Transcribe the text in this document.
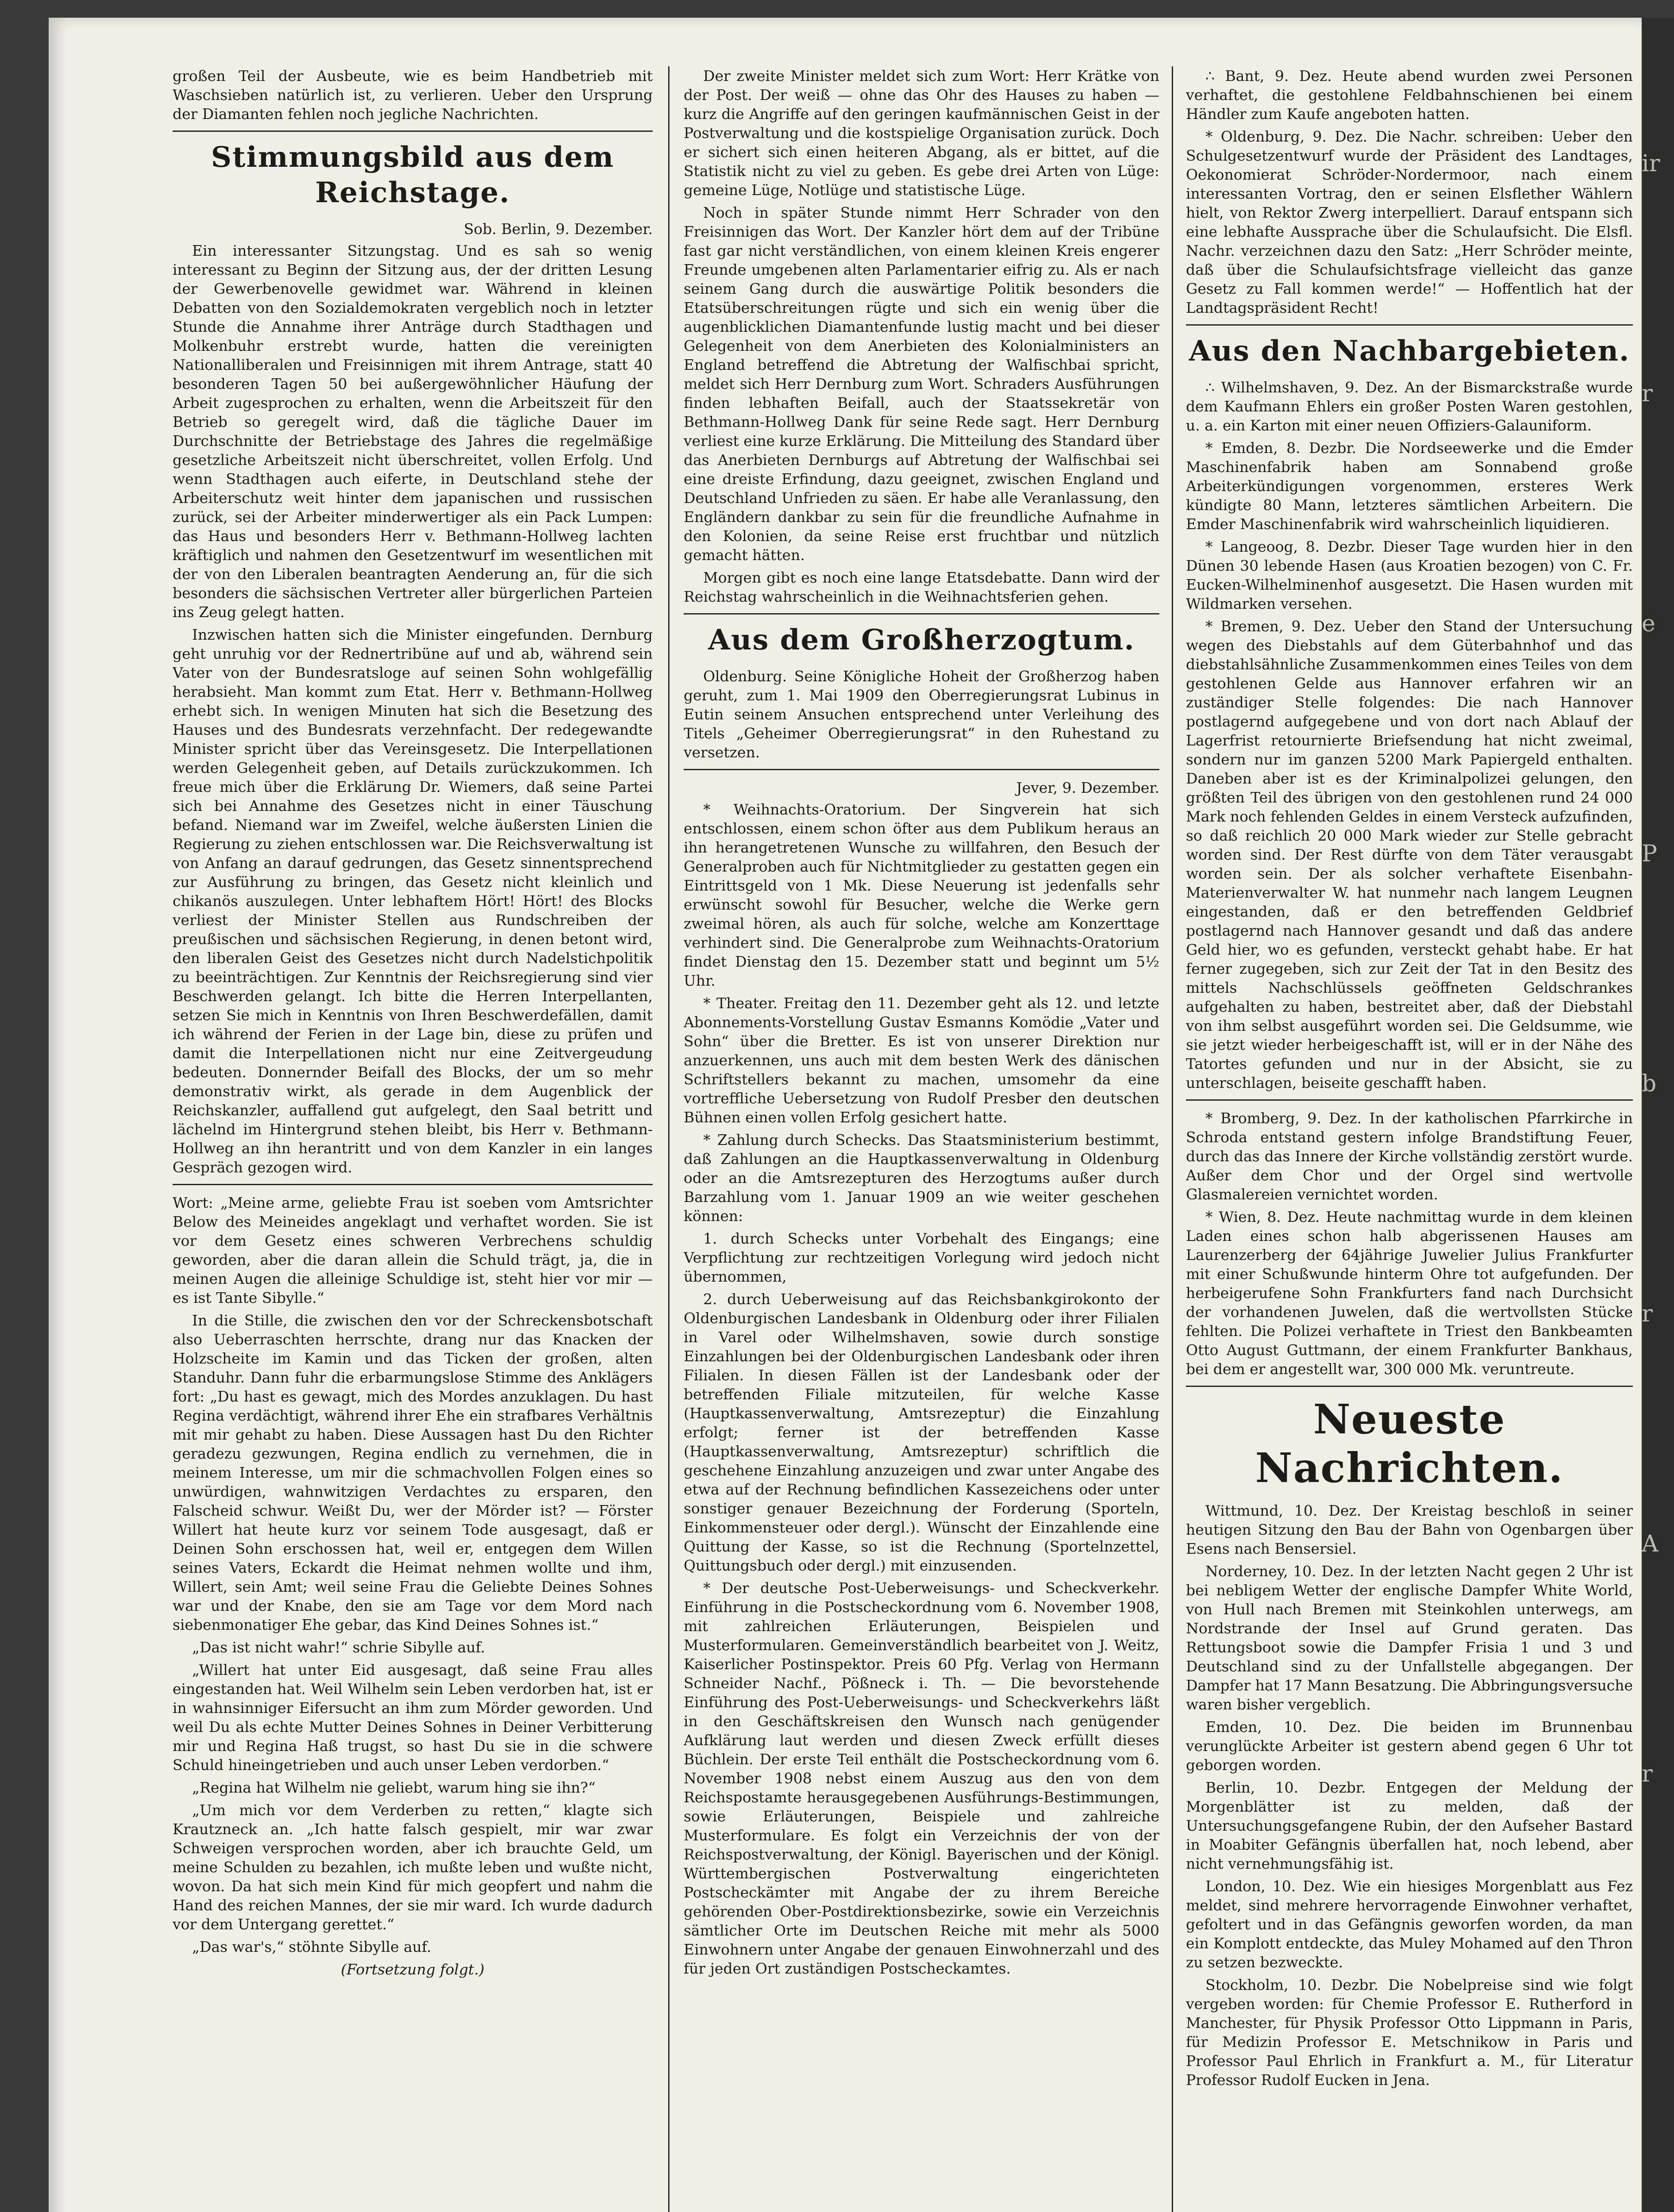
ir
r
e
P
b
r
A
r

großen Teil der Ausbeute, wie es beim Handbetrieb mit Waschsieben natürlich ist, zu verlieren. Ueber den Ursprung der Diamanten fehlen noch jegliche Nachrichten.

Stimmungsbild aus dem Reichstage.
Sob. Berlin, 9. Dezember.

Ein interessanter Sitzungstag. Und es sah so wenig interessant zu Beginn der Sitzung aus, der der dritten Lesung der Gewerbenovelle gewidmet war. Während in kleinen Debatten von den Sozialdemokraten vergeblich noch in letzter Stunde die Annahme ihrer Anträge durch Stadthagen und Molkenbuhr erstrebt wurde, hatten die vereinigten Nationalliberalen und Freisinnigen mit ihrem Antrage, statt 40 besonderen Tagen 50 bei außergewöhnlicher Häufung der Arbeit zugesprochen zu erhalten, wenn die Arbeitszeit für den Betrieb so geregelt wird, daß die tägliche Dauer im Durchschnitte der Betriebstage des Jahres die regelmäßige gesetzliche Arbeitszeit nicht überschreitet, vollen Erfolg. Und wenn Stadthagen auch eiferte, in Deutschland stehe der Arbeiterschutz weit hinter dem japanischen und russischen zurück, sei der Arbeiter minderwertiger als ein Pack Lumpen: das Haus und besonders Herr v. Bethmann-Hollweg lachten kräftiglich und nahmen den Gesetzentwurf im wesentlichen mit der von den Liberalen beantragten Aenderung an, für die sich besonders die sächsischen Vertreter aller bürgerlichen Parteien ins Zeug gelegt hatten.

Inzwischen hatten sich die Minister eingefunden. Dernburg geht unruhig vor der Rednertribüne auf und ab, während sein Vater von der Bundesratsloge auf seinen Sohn wohlgefällig herabsieht. Man kommt zum Etat. Herr v. Bethmann-Hollweg erhebt sich. In wenigen Minuten hat sich die Besetzung des Hauses und des Bundesrats verzehnfacht. Der redegewandte Minister spricht über das Vereinsgesetz. Die Interpellationen werden Gelegenheit geben, auf Details zurückzukommen. Ich freue mich über die Erklärung Dr. Wiemers, daß seine Partei sich bei Annahme des Gesetzes nicht in einer Täuschung befand. Niemand war im Zweifel, welche äußersten Linien die Regierung zu ziehen entschlossen war. Die Reichsverwaltung ist von Anfang an darauf gedrungen, das Gesetz sinnentsprechend zur Ausführung zu bringen, das Gesetz nicht kleinlich und chikanös auszulegen. Unter lebhaftem Hört! Hört! des Blocks verliest der Minister Stellen aus Rundschreiben der preußischen und sächsischen Regierung, in denen betont wird, den liberalen Geist des Gesetzes nicht durch Nadelstichpolitik zu beeinträchtigen. Zur Kenntnis der Reichsregierung sind vier Beschwerden gelangt. Ich bitte die Herren Interpellanten, setzen Sie mich in Kenntnis von Ihren Beschwerdefällen, damit ich während der Ferien in der Lage bin, diese zu prüfen und damit die Interpellationen nicht nur eine Zeitvergeudung bedeuten. Donnernder Beifall des Blocks, der um so mehr demonstrativ wirkt, als gerade in dem Augenblick der Reichskanzler, auffallend gut aufgelegt, den Saal betritt und lächelnd im Hintergrund stehen bleibt, bis Herr v. Bethmann-Hollweg an ihn herantritt und von dem Kanzler in ein langes Gespräch gezogen wird.

Wort: „Meine arme, geliebte Frau ist soeben vom Amtsrichter Below des Meineides angeklagt und verhaftet worden. Sie ist vor dem Gesetz eines schweren Verbrechens schuldig geworden, aber die daran allein die Schuld trägt, ja, die in meinen Augen die alleinige Schuldige ist, steht hier vor mir — es ist Tante Sibylle.“

In die Stille, die zwischen den vor der Schreckensbotschaft also Ueberraschten herrschte, drang nur das Knacken der Holzscheite im Kamin und das Ticken der großen, alten Standuhr. Dann fuhr die erbarmungslose Stimme des Anklägers fort: „Du hast es gewagt, mich des Mordes anzuklagen. Du hast Regina verdächtigt, während ihrer Ehe ein strafbares Verhältnis mit mir gehabt zu haben. Diese Aussagen hast Du den Richter geradezu gezwungen, Regina endlich zu vernehmen, die in meinem Interesse, um mir die schmachvollen Folgen eines so unwürdigen, wahnwitzigen Verdachtes zu ersparen, den Falscheid schwur. Weißt Du, wer der Mörder ist? — Förster Willert hat heute kurz vor seinem Tode ausgesagt, daß er Deinen Sohn erschossen hat, weil er, entgegen dem Willen seines Vaters, Eckardt die Heimat nehmen wollte und ihm, Willert, sein Amt; weil seine Frau die Geliebte Deines Sohnes war und der Knabe, den sie am Tage vor dem Mord nach siebenmonatiger Ehe gebar, das Kind Deines Sohnes ist.“

„Das ist nicht wahr!“ schrie Sibylle auf.

„Willert hat unter Eid ausgesagt, daß seine Frau alles eingestanden hat. Weil Wilhelm sein Leben verdorben hat, ist er in wahnsinniger Eifersucht an ihm zum Mörder geworden. Und weil Du als echte Mutter Deines Sohnes in Deiner Verbitterung mir und Regina Haß trugst, so hast Du sie in die schwere Schuld hineingetrieben und auch unser Leben verdorben.“

„Regina hat Wilhelm nie geliebt, warum hing sie ihn?“

„Um mich vor dem Verderben zu retten,“ klagte sich Krautzneck an. „Ich hatte falsch gespielt, mir war zwar Schweigen versprochen worden, aber ich brauchte Geld, um meine Schulden zu bezahlen, ich mußte leben und wußte nicht, wovon. Da hat sich mein Kind für mich geopfert und nahm die Hand des reichen Mannes, der sie mir ward. Ich wurde dadurch vor dem Untergang gerettet.“

„Das war's,“ stöhnte Sibylle auf.

(Fortsetzung folgt.)

Der zweite Minister meldet sich zum Wort: Herr Krätke von der Post. Der weiß — ohne das Ohr des Hauses zu haben — kurz die Angriffe auf den geringen kaufmännischen Geist in der Postverwaltung und die kostspielige Organisation zurück. Doch er sichert sich einen heiteren Abgang, als er bittet, auf die Statistik nicht zu viel zu geben. Es gebe drei Arten von Lüge: gemeine Lüge, Notlüge und statistische Lüge.

Noch in später Stunde nimmt Herr Schrader von den Freisinnigen das Wort. Der Kanzler hört dem auf der Tribüne fast gar nicht verständlichen, von einem kleinen Kreis engerer Freunde umgebenen alten Parlamentarier eifrig zu. Als er nach seinem Gang durch die auswärtige Politik besonders die Etatsüberschreitungen rügte und sich ein wenig über die augenblicklichen Diamantenfunde lustig macht und bei dieser Gelegenheit von dem Anerbieten des Kolonialministers an England betreffend die Abtretung der Walfischbai spricht, meldet sich Herr Dernburg zum Wort. Schraders Ausführungen finden lebhaften Beifall, auch der Staatssekretär von Bethmann-Hollweg Dank für seine Rede sagt. Herr Dernburg verliest eine kurze Erklärung. Die Mitteilung des Standard über das Anerbieten Dernburgs auf Abtretung der Walfischbai sei eine dreiste Erfindung, dazu geeignet, zwischen England und Deutschland Unfrieden zu säen. Er habe alle Veranlassung, den Engländern dankbar zu sein für die freundliche Aufnahme in den Kolonien, da seine Reise erst fruchtbar und nützlich gemacht hätten.

Morgen gibt es noch eine lange Etatsdebatte. Dann wird der Reichstag wahrscheinlich in die Weihnachtsferien gehen.

Aus dem Großherzogtum.

Oldenburg. Seine Königliche Hoheit der Großherzog haben geruht, zum 1. Mai 1909 den Oberregierungsrat Lubinus in Eutin seinem Ansuchen entsprechend unter Verleihung des Titels „Geheimer Oberregierungsrat“ in den Ruhestand zu versetzen.

Jever, 9. Dezember.

* Weihnachts-Oratorium. Der Singverein hat sich entschlossen, einem schon öfter aus dem Publikum heraus an ihn herangetretenen Wunsche zu willfahren, den Besuch der Generalproben auch für Nichtmitglieder zu gestatten gegen ein Eintrittsgeld von 1 Mk. Diese Neuerung ist jedenfalls sehr erwünscht sowohl für Besucher, welche die Werke gern zweimal hören, als auch für solche, welche am Konzerttage verhindert sind. Die Generalprobe zum Weihnachts-Oratorium findet Dienstag den 15. Dezember statt und beginnt um 5½ Uhr.

* Theater. Freitag den 11. Dezember geht als 12. und letzte Abonnements-Vorstellung Gustav Esmanns Komödie „Vater und Sohn“ über die Bretter. Es ist von unserer Direktion nur anzuerkennen, uns auch mit dem besten Werk des dänischen Schriftstellers bekannt zu machen, umsomehr da eine vortreffliche Uebersetzung von Rudolf Presber den deutschen Bühnen einen vollen Erfolg gesichert hatte.

* Zahlung durch Schecks. Das Staatsministerium bestimmt, daß Zahlungen an die Hauptkassenverwaltung in Oldenburg oder an die Amtsrezepturen des Herzogtums außer durch Barzahlung vom 1. Januar 1909 an wie weiter geschehen können:

1. durch Schecks unter Vorbehalt des Eingangs; eine Verpflichtung zur rechtzeitigen Vorlegung wird jedoch nicht übernommen,

2. durch Ueberweisung auf das Reichsbankgirokonto der Oldenburgischen Landesbank in Oldenburg oder ihrer Filialen in Varel oder Wilhelmshaven, sowie durch sonstige Einzahlungen bei der Oldenburgischen Landesbank oder ihren Filialen. In diesen Fällen ist der Landesbank oder der betreffenden Filiale mitzuteilen, für welche Kasse (Hauptkassenverwaltung, Amtsrezeptur) die Einzahlung erfolgt; ferner ist der betreffenden Kasse (Hauptkassenverwaltung, Amtsrezeptur) schriftlich die geschehene Einzahlung anzuzeigen und zwar unter Angabe des etwa auf der Rechnung befindlichen Kassezeichens oder unter sonstiger genauer Bezeichnung der Forderung (Sporteln, Einkommensteuer oder dergl.). Wünscht der Einzahlende eine Quittung der Kasse, so ist die Rechnung (Sportelnzettel, Quittungsbuch oder dergl.) mit einzusenden.

* Der deutsche Post-Ueberweisungs- und Scheckverkehr. Einführung in die Postscheckordnung vom 6. November 1908, mit zahlreichen Erläuterungen, Beispielen und Musterformularen. Gemeinverständlich bearbeitet von J. Weitz, Kaiserlicher Postinspektor. Preis 60 Pfg. Verlag von Hermann Schneider Nachf., Pößneck i. Th. — Die bevorstehende Einführung des Post-Ueberweisungs- und Scheckverkehrs läßt in den Geschäftskreisen den Wunsch nach genügender Aufklärung laut werden und diesen Zweck erfüllt dieses Büchlein. Der erste Teil enthält die Postscheckordnung vom 6. November 1908 nebst einem Auszug aus den von dem Reichspostamte herausgegebenen Ausführungs-Bestimmungen, sowie Erläuterungen, Beispiele und zahlreiche Musterformulare. Es folgt ein Verzeichnis der von der Reichspostverwaltung, der Königl. Bayerischen und der Königl. Württembergischen Postverwaltung eingerichteten Postscheckämter mit Angabe der zu ihrem Bereiche gehörenden Ober-Postdirektionsbezirke, sowie ein Verzeichnis sämtlicher Orte im Deutschen Reiche mit mehr als 5000 Einwohnern unter Angabe der genauen Einwohnerzahl und des für jeden Ort zuständigen Postscheckamtes.

∴ Bant, 9. Dez. Heute abend wurden zwei Personen verhaftet, die gestohlene Feldbahnschienen bei einem Händler zum Kaufe angeboten hatten.

* Oldenburg, 9. Dez. Die Nachr. schreiben: Ueber den Schulgesetzentwurf wurde der Präsident des Landtages, Oekonomierat Schröder-Nordermoor, nach einem interessanten Vortrag, den er seinen Elsflether Wählern hielt, von Rektor Zwerg interpelliert. Darauf entspann sich eine lebhafte Aussprache über die Schulaufsicht. Die Elsfl. Nachr. verzeichnen dazu den Satz: „Herr Schröder meinte, daß über die Schulaufsichtsfrage vielleicht das ganze Gesetz zu Fall kommen werde!“ — Hoffentlich hat der Landtagspräsident Recht!

Aus den Nachbargebieten.

∴ Wilhelmshaven, 9. Dez. An der Bismarckstraße wurde dem Kaufmann Ehlers ein großer Posten Waren gestohlen, u. a. ein Karton mit einer neuen Offiziers-Galauniform.

* Emden, 8. Dezbr. Die Nordseewerke und die Emder Maschinenfabrik haben am Sonnabend große Arbeiterkündigungen vorgenommen, ersteres Werk kündigte 80 Mann, letzteres sämtlichen Arbeitern. Die Emder Maschinenfabrik wird wahrscheinlich liquidieren.

* Langeoog, 8. Dezbr. Dieser Tage wurden hier in den Dünen 30 lebende Hasen (aus Kroatien bezogen) von C. Fr. Eucken-Wilhelminenhof ausgesetzt. Die Hasen wurden mit Wildmarken versehen.

* Bremen, 9. Dez. Ueber den Stand der Untersuchung wegen des Diebstahls auf dem Güterbahnhof und das diebstahlsähnliche Zusammenkommen eines Teiles von dem gestohlenen Gelde aus Hannover erfahren wir an zuständiger Stelle folgendes: Die nach Hannover postlagernd aufgegebene und von dort nach Ablauf der Lagerfrist retournierte Briefsendung hat nicht zweimal, sondern nur im ganzen 5200 Mark Papiergeld enthalten. Daneben aber ist es der Kriminalpolizei gelungen, den größten Teil des übrigen von den gestohlenen rund 24 000 Mark noch fehlenden Geldes in einem Versteck aufzufinden, so daß reichlich 20 000 Mark wieder zur Stelle gebracht worden sind. Der Rest dürfte von dem Täter verausgabt worden sein. Der als solcher verhaftete Eisenbahn-Materienverwalter W. hat nunmehr nach langem Leugnen eingestanden, daß er den betreffenden Geldbrief postlagernd nach Hannover gesandt und daß das andere Geld hier, wo es gefunden, versteckt gehabt habe. Er hat ferner zugegeben, sich zur Zeit der Tat in den Besitz des mittels Nachschlüssels geöffneten Geldschrankes aufgehalten zu haben, bestreitet aber, daß der Diebstahl von ihm selbst ausgeführt worden sei. Die Geldsumme, wie sie jetzt wieder herbeigeschafft ist, will er in der Nähe des Tatortes gefunden und nur in der Absicht, sie zu unterschlagen, beiseite geschafft haben.

* Bromberg, 9. Dez. In der katholischen Pfarrkirche in Schroda entstand gestern infolge Brandstiftung Feuer, durch das das Innere der Kirche vollständig zerstört wurde. Außer dem Chor und der Orgel sind wertvolle Glasmalereien vernichtet worden.

* Wien, 8. Dez. Heute nachmittag wurde in dem kleinen Laden eines schon halb abgerissenen Hauses am Laurenzerberg der 64jährige Juwelier Julius Frankfurter mit einer Schußwunde hinterm Ohre tot aufgefunden. Der herbeigerufene Sohn Frankfurters fand nach Durchsicht der vorhandenen Juwelen, daß die wertvollsten Stücke fehlten. Die Polizei verhaftete in Triest den Bankbeamten Otto August Guttmann, der einem Frankfurter Bankhaus, bei dem er angestellt war, 300 000 Mk. veruntreute.

Neueste Nachrichten.

Wittmund, 10. Dez. Der Kreistag beschloß in seiner heutigen Sitzung den Bau der Bahn von Ogenbargen über Esens nach Bensersiel.

Norderney, 10. Dez. In der letzten Nacht gegen 2 Uhr ist bei nebligem Wetter der englische Dampfer White World, von Hull nach Bremen mit Steinkohlen unterwegs, am Nordstrande der Insel auf Grund geraten. Das Rettungsboot sowie die Dampfer Frisia 1 und 3 und Deutschland sind zu der Unfallstelle abgegangen. Der Dampfer hat 17 Mann Besatzung. Die Abbringungsversuche waren bisher vergeblich.

Emden, 10. Dez. Die beiden im Brunnenbau verunglückte Arbeiter ist gestern abend gegen 6 Uhr tot geborgen worden.

Berlin, 10. Dezbr. Entgegen der Meldung der Morgenblätter ist zu melden, daß der Untersuchungsgefangene Rubin, der den Aufseher Bastard in Moabiter Gefängnis überfallen hat, noch lebend, aber nicht vernehmungsfähig ist.

London, 10. Dez. Wie ein hiesiges Morgenblatt aus Fez meldet, sind mehrere hervorragende Einwohner verhaftet, gefoltert und in das Gefängnis geworfen worden, da man ein Komplott entdeckte, das Muley Mohamed auf den Thron zu setzen bezweckte.

Stockholm, 10. Dezbr. Die Nobelpreise sind wie folgt vergeben worden: für Chemie Professor E. Rutherford in Manchester, für Physik Professor Otto Lippmann in Paris, für Medizin Professor E. Metschnikow in Paris und Professor Paul Ehrlich in Frankfurt a. M., für Literatur Professor Rudolf Eucken in Jena.
